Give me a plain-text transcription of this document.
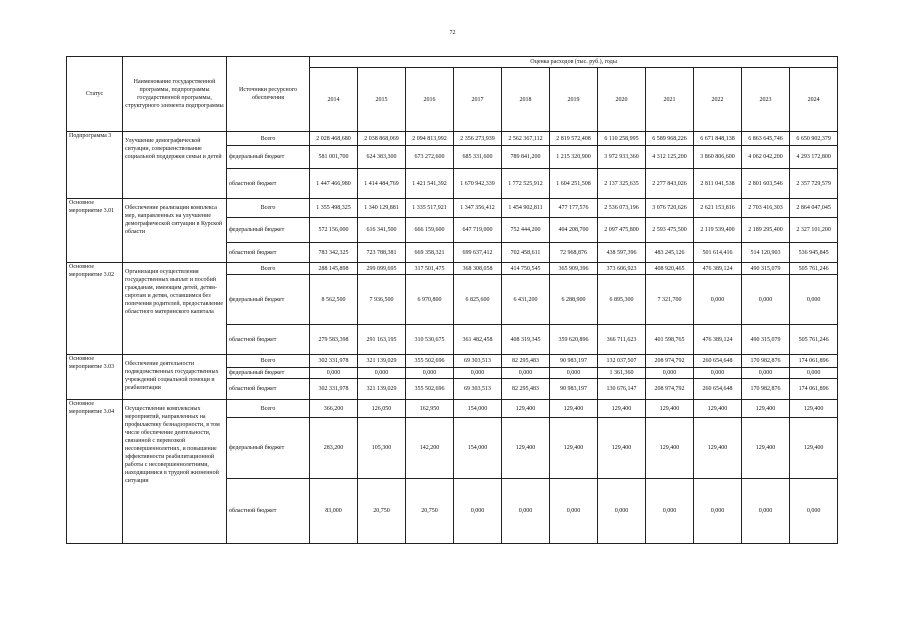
72
Статус	Наименование государственной программы, подпрограммы государственной программы, структурного элемента подпрограммы	Источники ресурсного обеспечения	Оценка расходов (тыс. руб.), годы										
			2014	2015	2016	2017	2018	2019	2020	2021	2022	2023	2024
Подпрограмма 3	Улучшение демографической ситуации, совершенствование социальной поддержки семьи и детей	Всего	2 028 468,680	2 038 868,069	2 094 813,992	2 356 273,939	2 562 367,112	2 819 572,408	6 110 258,995	6 589 968,226	6 671 848,138	6 863 645,746	6 650 902,379
		федеральный бюджет	581 001,700	624 383,300	673 272,600	685 331,600	789 841,200	1 215 320,900	3 972 933,360	4 312 125,200	3 860 806,600	4 062 042,200	4 293 172,800
		областной бюджет	1 447 466,980	1 414 484,769	1 421 541,392	1 670 942,339	1 772 525,912	1 604 251,508	2 137 325,635	2 277 843,026	2 811 041,538	2 801 603,546	2 357 729,579
Основное мероприятие 3.01	Обеспечение реализации комплекса мер, направленных на улучшение демографической ситуации в Курской области	Всего	1 355 498,325	1 340 129,881	1 335 517,921	1 347 356,412	1 454 902,811	477 177,576	2 536 073,196	3 076 720,626	2 621 153,816	2 703 416,303	2 864 047,045
		федеральный бюджет	572 156,000	616 341,500	666 159,600	647 719,000	752 444,200	404 208,700	2 097 475,800	2 593 475,500	2 119 539,400	2 189 295,400	2 327 101,200
		областной бюджет	783 342,325	723 788,381	669 358,321	699 637,412	702 458,611	72 968,876	438 597,396	483 245,126	501 614,416	514 120,903	536 945,845
Основное мероприятие 3.02	Организация осуществления государственных выплат и пособий гражданам, имеющим детей, детям-сиротам и детям, оставшимся без попечения родителей, предоставление областного материнского капитала	Всего	288 145,898	299 099,695	317 501,475	368 308,058	414 750,545	365 909,396	373 606,923	408 920,465	476 389,124	490 315,079	505 761,246
		федеральный бюджет	8 562,500	7 936,500	6 970,800	6 825,600	6 431,200	6 288,900	6 895,300	7 321,700	0,000	0,000	0,000
		областной бюджет	279 583,398	291 163,195	310 530,675	361 482,458	408 319,345	359 620,896	366 711,623	401 598,765	476 389,124	490 315,079	505 761,246
Основное мероприятие 3.03	Обеспечение деятельности подведомственных государственных учреждений социальной помощи и реабилитации	Всего	302 331,978	321 139,029	355 502,696	69 303,513	82 295,483	90 983,197	132 037,507	208 974,792	260 654,648	170 982,876	174 061,896
		федеральный бюджет	0,000	0,000	0,000	0,000	0,000	0,000	1 361,360	0,000	0,000	0,000	0,000
		областной бюджет	302 331,978	321 139,029	355 502,696	69 303,513	82 295,483	90 983,197	130 676,147	208 974,792	260 654,648	170 982,876	174 061,896
Основное мероприятие 3.04	Осуществление комплексных мероприятий, направленных на профилактику безнадзорности, в том числе обеспечение деятельности, связанной с перевозкой несовершеннолетних, и повышение эффективности реабилитационной работы с несовершеннолетними, находящимися в трудной жизненной ситуации	Всего	366,200	126,050	162,950	154,000	129,400	129,400	129,400	129,400	129,400	129,400	129,400
		федеральный бюджет	283,200	105,300	142,200	154,000	129,400	129,400	129,400	129,400	129,400	129,400	129,400
		областной бюджет	83,000	20,750	20,750	0,000	0,000	0,000	0,000	0,000	0,000	0,000	0,000
